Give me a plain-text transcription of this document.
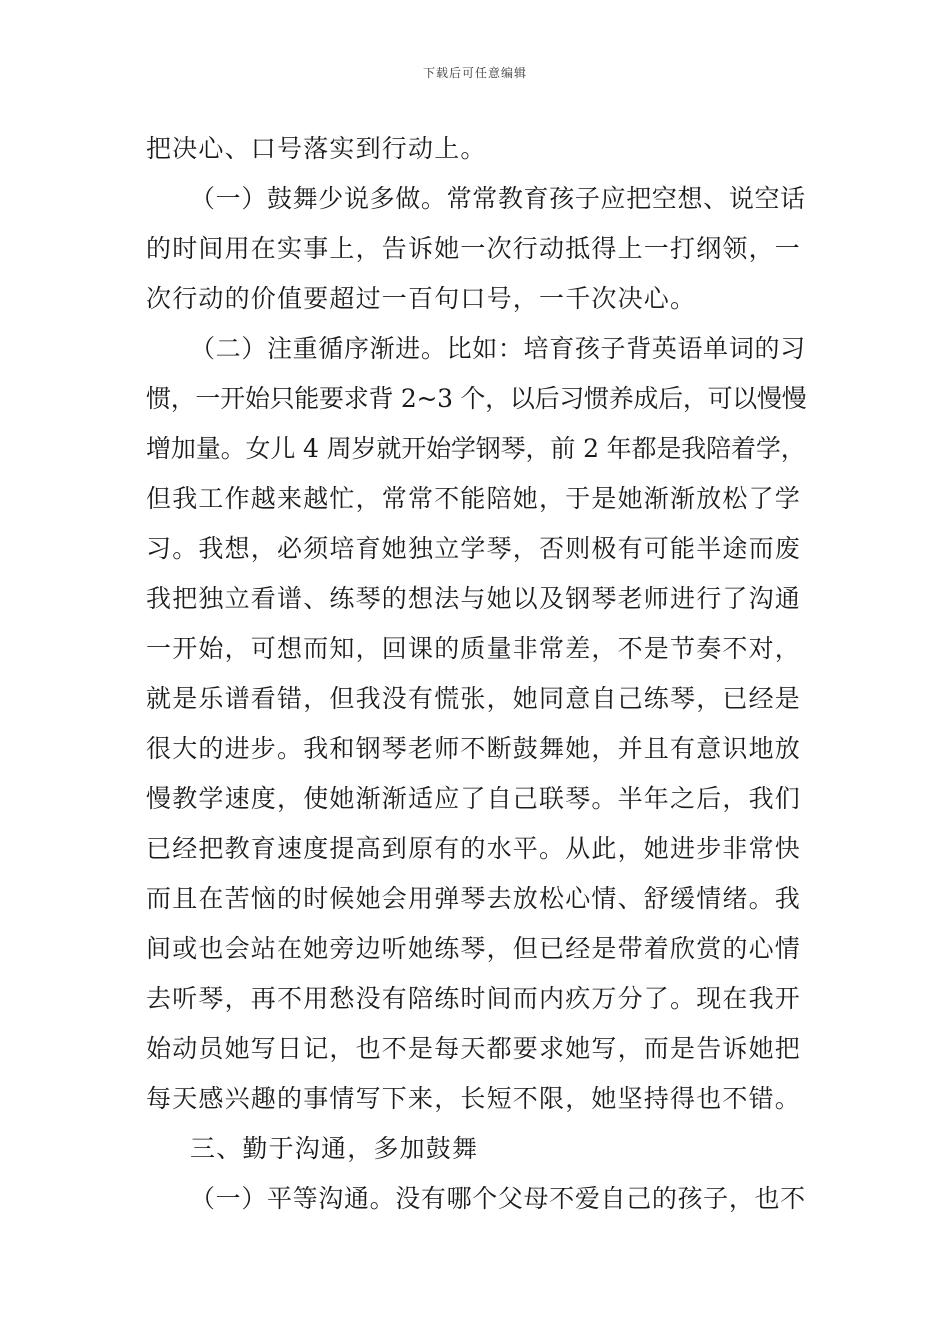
下载后可任意编辑
把决心、口号落实到行动上。
（一）鼓舞少说多做。常常教育孩子应把空想、说空话
的时间用在实事上，告诉她一次行动抵得上一打纲领，一
次行动的价值要超过一百句口号，一千次决心。
（二）注重循序渐进。比如：培育孩子背英语单词的习
惯，一开始只能要求背 2~3 个，以后习惯养成后，可以慢慢
增加量。女儿 4 周岁就开始学钢琴，前 2 年都是我陪着学，
但我工作越来越忙，常常不能陪她，于是她渐渐放松了学
习。我想，必须培育她独立学琴，否则极有可能半途而废
我把独立看谱、练琴的想法与她以及钢琴老师进行了沟通
一开始，可想而知，回课的质量非常差，不是节奏不对，
就是乐谱看错，但我没有慌张，她同意自己练琴，已经是
很大的进步。我和钢琴老师不断鼓舞她，并且有意识地放
慢教学速度，使她渐渐适应了自己联琴。半年之后，我们
已经把教育速度提高到原有的水平。从此，她进步非常快
而且在苦恼的时候她会用弹琴去放松心情、舒缓情绪。我
间或也会站在她旁边听她练琴，但已经是带着欣赏的心情
去听琴，再不用愁没有陪练时间而内疚万分了。现在我开
始动员她写日记，也不是每天都要求她写，而是告诉她把
每天感兴趣的事情写下来，长短不限，她坚持得也不错。
三、勤于沟通，多加鼓舞
（一）平等沟通。没有哪个父母不爱自己的孩子，也不
